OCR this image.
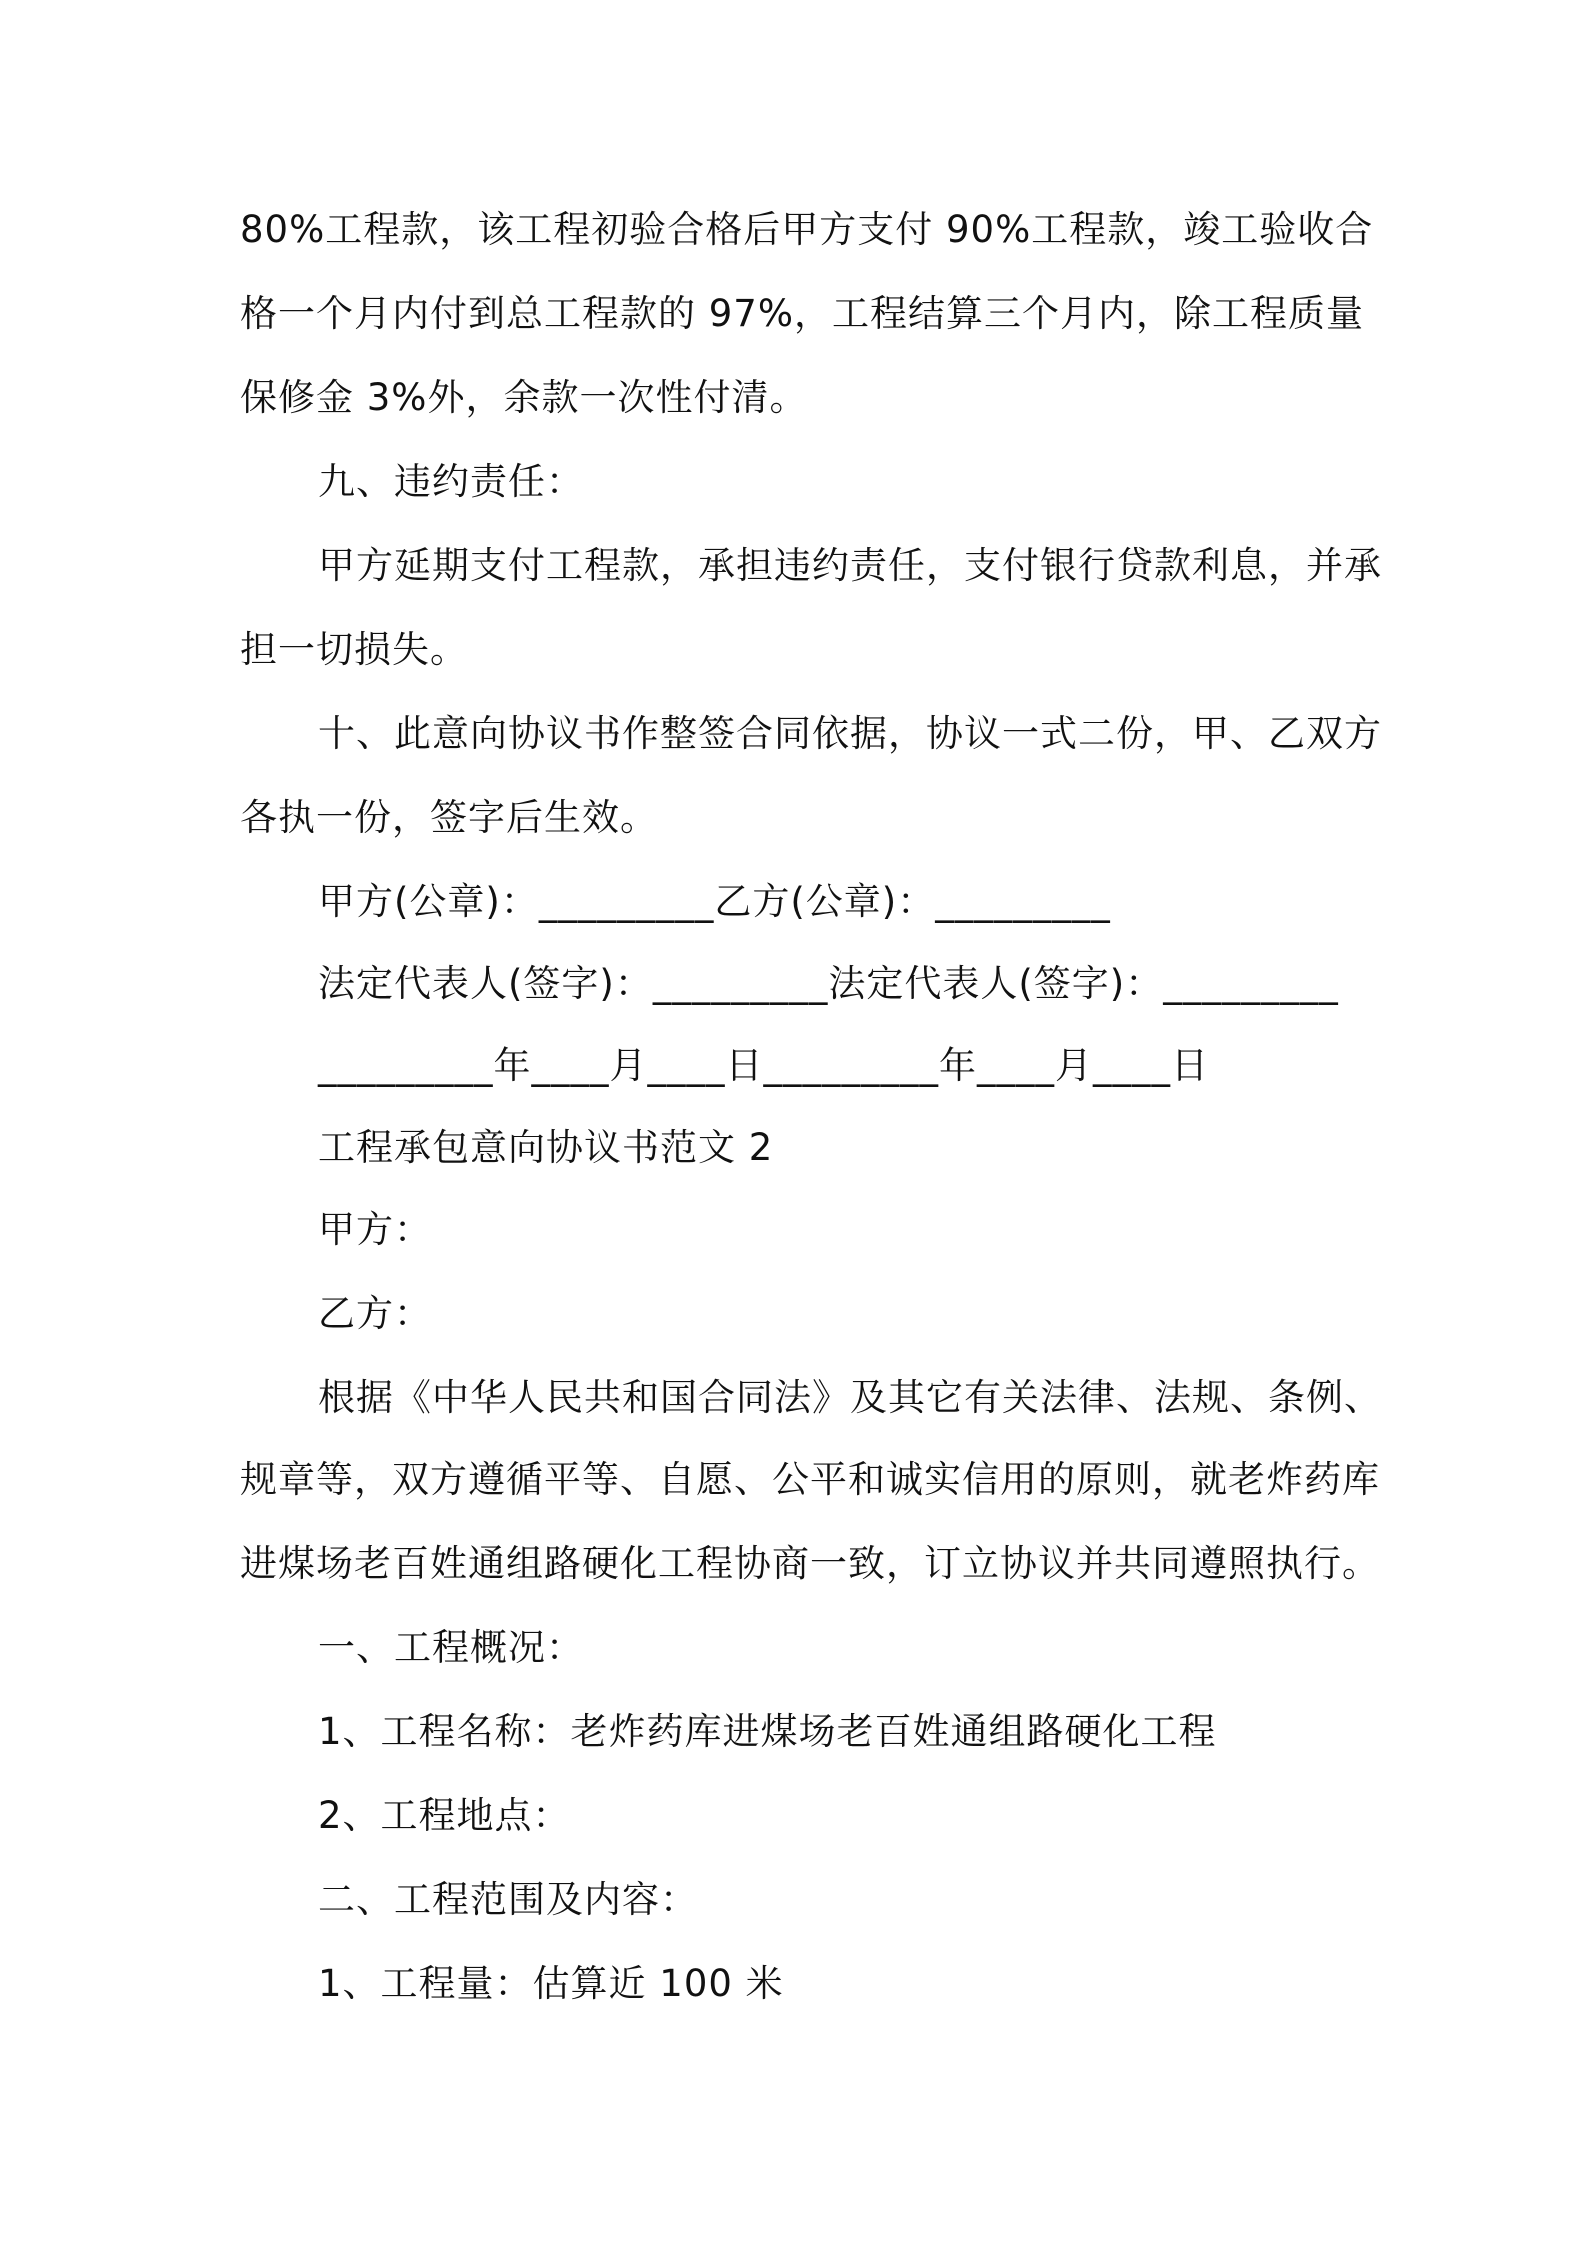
80%工程款，该工程初验合格后甲方支付 90%工程款，竣工验收合

格一个月内付到总工程款的 97%，工程结算三个月内，除工程质量

保修金 3%外，余款一次性付清。

九、违约责任：

甲方延期支付工程款，承担违约责任，支付银行贷款利息，并承

担一切损失。

十、此意向协议书作整签合同依据，协议一式二份，甲、乙双方

各执一份，签字后生效。

甲方(公章)：_________乙方(公章)：_________

法定代表人(签字)：_________法定代表人(签字)：_________

_________年____月____日_________年____月____日

工程承包意向协议书范文 2

甲方：

乙方：

根据《中华人民共和国合同法》及其它有关法律、法规、条例、

规章等，双方遵循平等、自愿、公平和诚实信用的原则，就老炸药库

进煤场老百姓通组路硬化工程协商一致，订立协议并共同遵照执行。

一、工程概况：

1、工程名称：老炸药库进煤场老百姓通组路硬化工程

2、工程地点：

二、工程范围及内容：

1、工程量：估算近 100 米
